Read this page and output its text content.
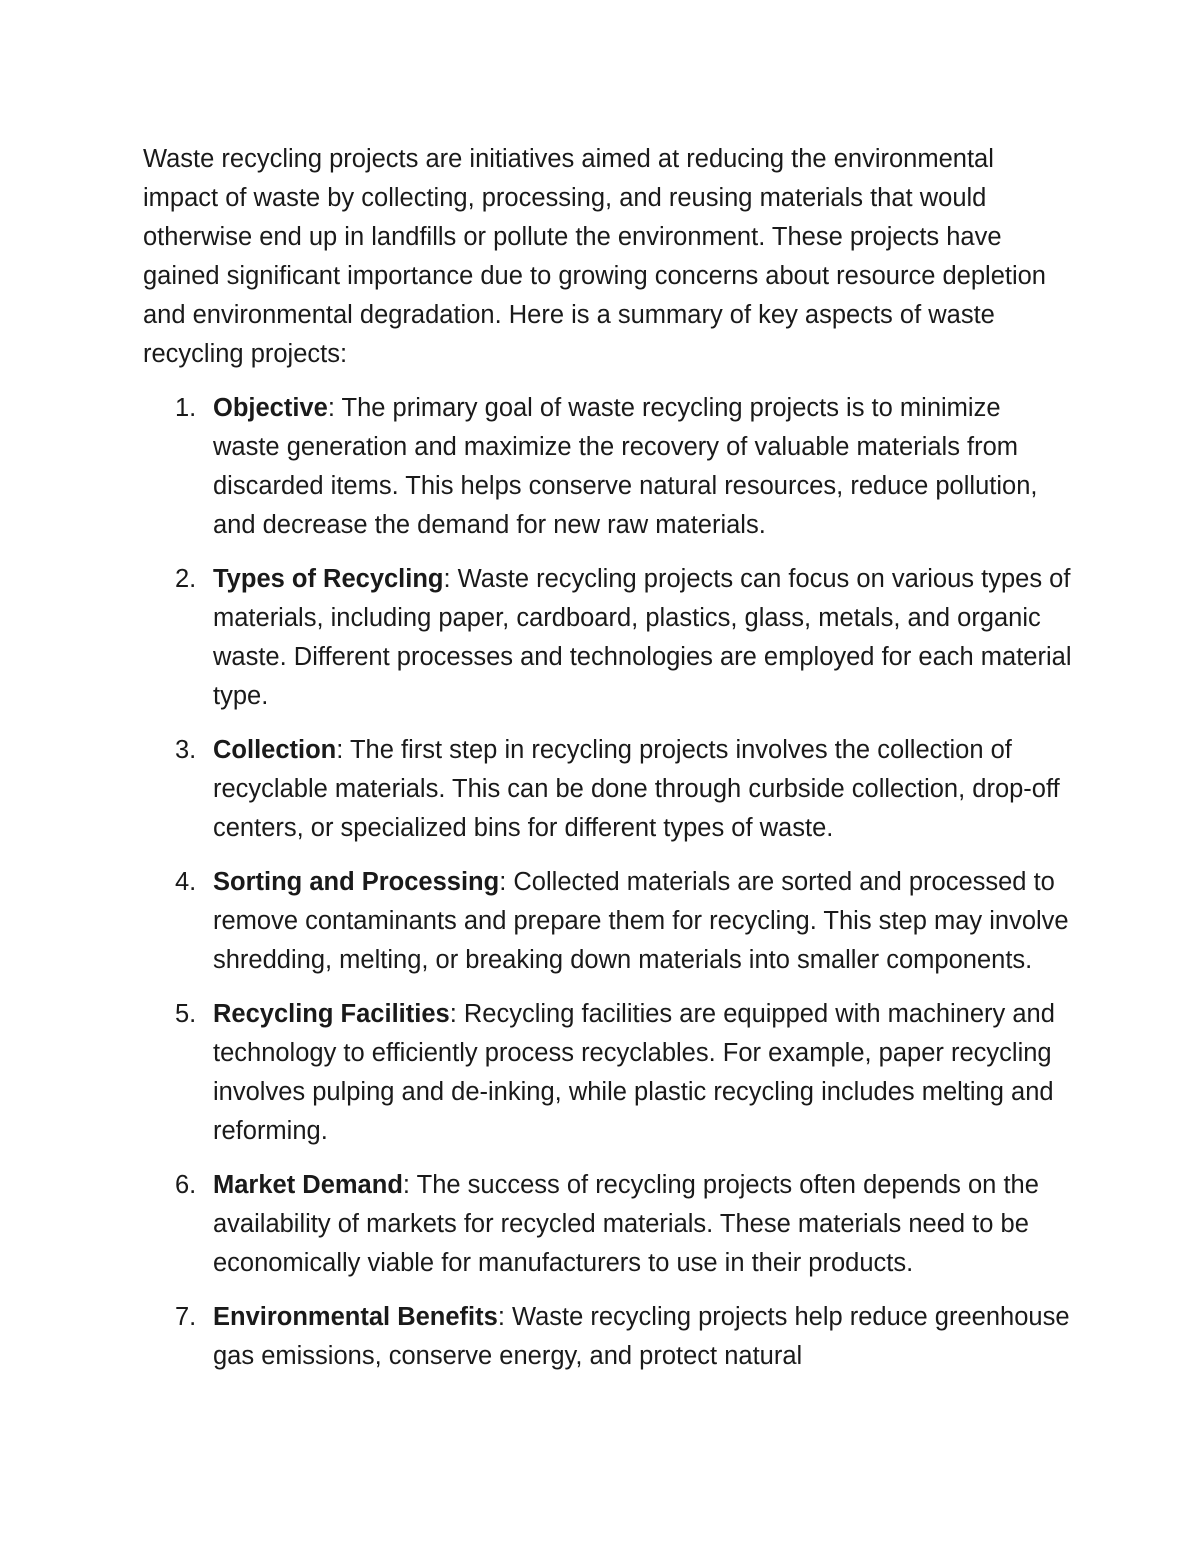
Waste recycling projects are initiatives aimed at reducing the environmental impact of waste by collecting, processing, and reusing materials that would otherwise end up in landfills or pollute the environment. These projects have gained significant importance due to growing concerns about resource depletion and environmental degradation. Here is a summary of key aspects of waste recycling projects:

1. Objective: The primary goal of waste recycling projects is to minimize waste generation and maximize the recovery of valuable materials from discarded items. This helps conserve natural resources, reduce pollution, and decrease the demand for new raw materials.
2. Types of Recycling: Waste recycling projects can focus on various types of materials, including paper, cardboard, plastics, glass, metals, and organic waste. Different processes and technologies are employed for each material type.
3. Collection: The first step in recycling projects involves the collection of recyclable materials. This can be done through curbside collection, drop-off centers, or specialized bins for different types of waste.
4. Sorting and Processing: Collected materials are sorted and processed to remove contaminants and prepare them for recycling. This step may involve shredding, melting, or breaking down materials into smaller components.
5. Recycling Facilities: Recycling facilities are equipped with machinery and technology to efficiently process recyclables. For example, paper recycling involves pulping and de-inking, while plastic recycling includes melting and reforming.
6. Market Demand: The success of recycling projects often depends on the availability of markets for recycled materials. These materials need to be economically viable for manufacturers to use in their products.
7. Environmental Benefits: Waste recycling projects help reduce greenhouse gas emissions, conserve energy, and protect natural
